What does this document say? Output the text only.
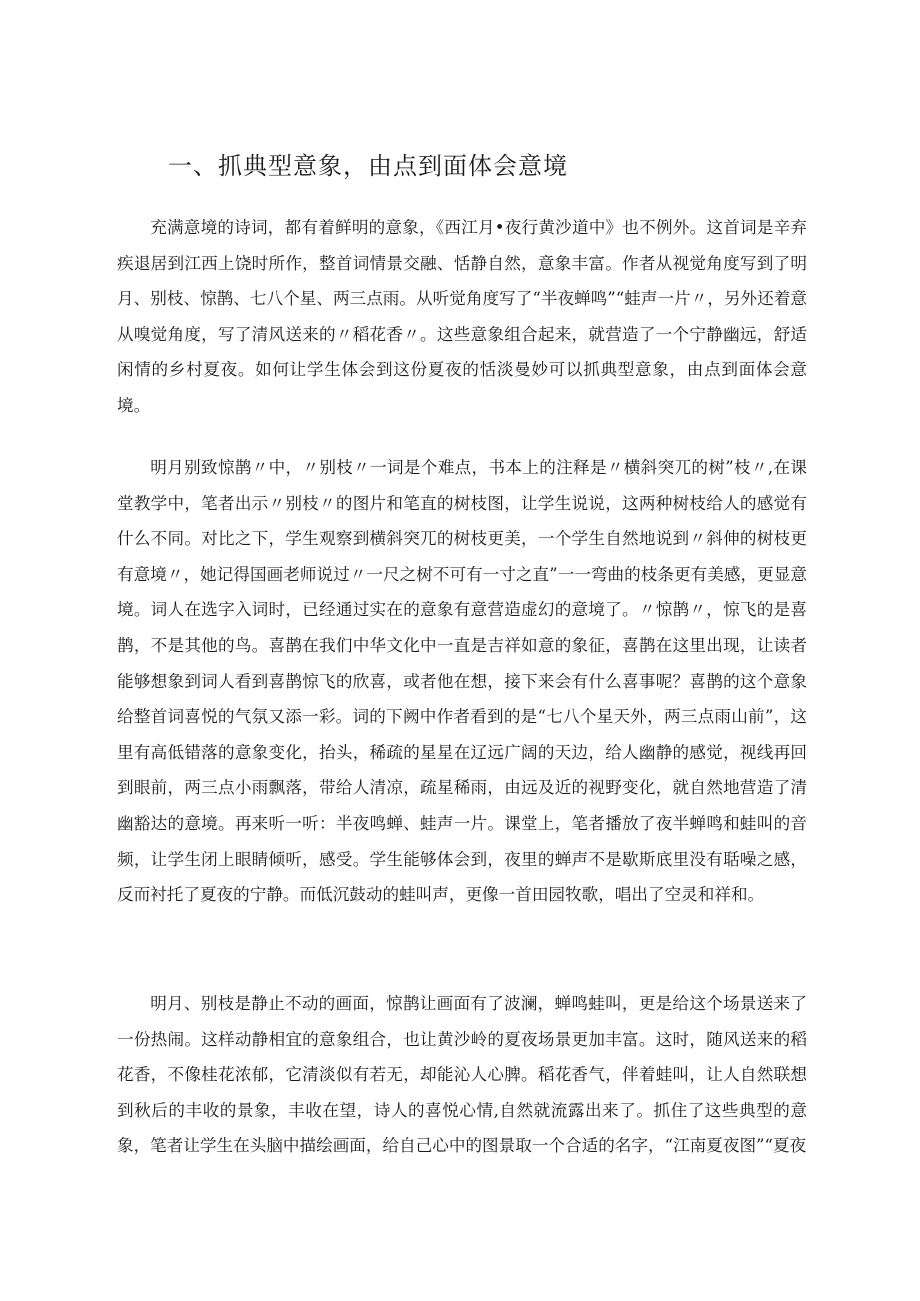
一、抓典型意象，由点到面体会意境

充满意境的诗词，都有着鲜明的意象，《西江月•夜行黄沙道中》也不例外。这首词是辛弃疾退居到江西上饶时所作，整首词情景交融、恬静自然，意象丰富。作者从视觉角度写到了明月、别枝、惊鹊、七八个星、两三点雨。从听觉角度写了“半夜蝉鸣”“蛙声一片〃，另外还着意从嗅觉角度，写了清风送来的〃稻花香〃。这些意象组合起来，就营造了一个宁静幽远，舒适闲情的乡村夏夜。如何让学生体会到这份夏夜的恬淡曼妙可以抓典型意象，由点到面体会意境。

明月别致惊鹊〃中，〃别枝〃一词是个难点，书本上的注释是〃横斜突兀的树”枝〃,在课堂教学中，笔者出示〃别枝〃的图片和笔直的树枝图，让学生说说，这两种树枝给人的感觉有什么不同。对比之下，学生观察到横斜突兀的树枝更美，一个学生自然地说到〃斜伸的树枝更有意境〃，她记得国画老师说过〃一尺之树不可有一寸之直”一一弯曲的枝条更有美感，更显意境。词人在选字入词时，已经通过实在的意象有意营造虚幻的意境了。〃惊鹊〃，惊飞的是喜鹊，不是其他的鸟。喜鹊在我们中华文化中一直是吉祥如意的象征，喜鹊在这里出现，让读者能够想象到词人看到喜鹊惊飞的欣喜，或者他在想，接下来会有什么喜事呢？喜鹊的这个意象给整首词喜悦的气氛又添一彩。词的下阙中作者看到的是“七八个星天外，两三点雨山前”，这里有高低错落的意象变化，抬头，稀疏的星星在辽远广阔的天边，给人幽静的感觉，视线再回到眼前，两三点小雨飘落，带给人清凉，疏星稀雨，由远及近的视野变化，就自然地营造了清幽豁达的意境。再来听一听：半夜鸣蝉、蛙声一片。课堂上，笔者播放了夜半蝉鸣和蛙叫的音频，让学生闭上眼睛倾听，感受。学生能够体会到，夜里的蝉声不是歇斯底里没有聒噪之感，反而衬托了夏夜的宁静。而低沉鼓动的蛙叫声，更像一首田园牧歌，唱出了空灵和祥和。

明月、别枝是静止不动的画面，惊鹊让画面有了波澜，蝉鸣蛙叫，更是给这个场景送来了一份热闹。这样动静相宜的意象组合，也让黄沙岭的夏夜场景更加丰富。这时，随风送来的稻花香，不像桂花浓郁，它清淡似有若无，却能沁人心脾。稻花香气，伴着蛙叫，让人自然联想到秋后的丰收的景象，丰收在望，诗人的喜悦心情,自然就流露出来了。抓住了这些典型的意象，笔者让学生在头脑中描绘画面，给自己心中的图景取一个合适的名字，“江南夏夜图”“夏夜
